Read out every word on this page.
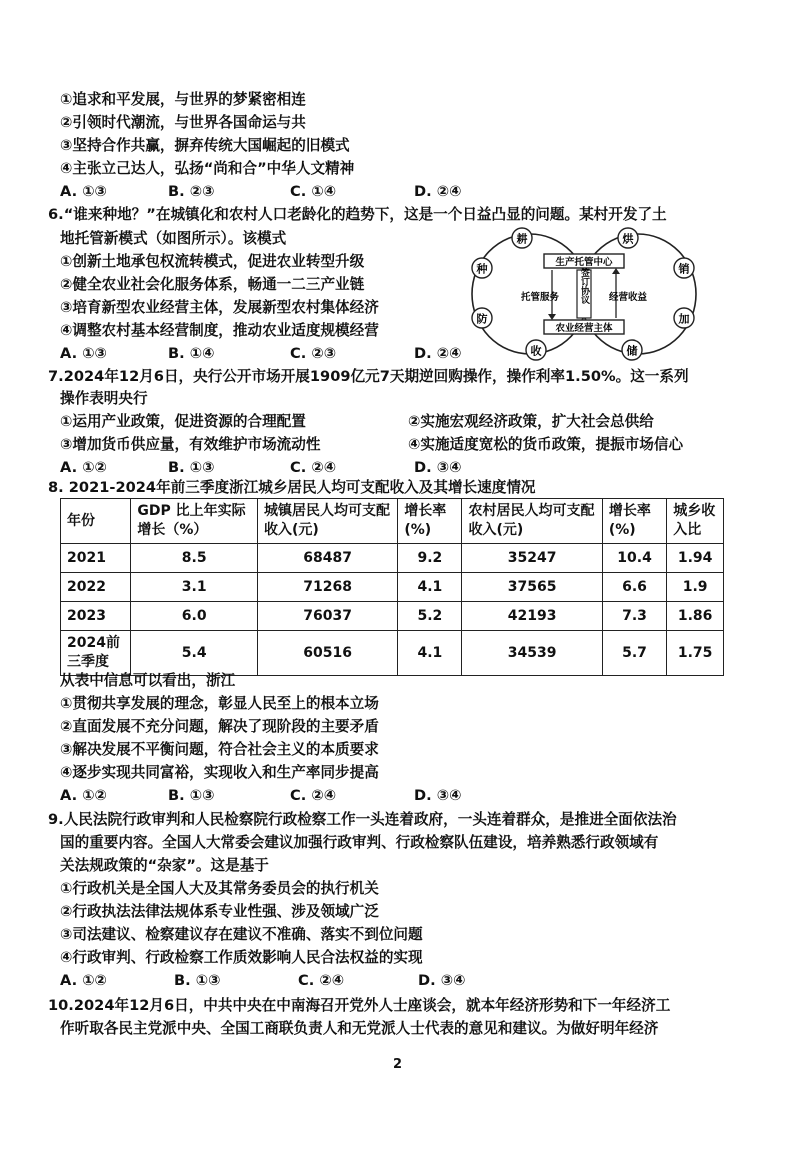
①追求和平发展，与世界的梦紧密相连
②引领时代潮流，与世界各国命运与共
③坚持合作共赢，摒弃传统大国崛起的旧模式
④主张立己达人，弘扬“尚和合”中华人文精神
A. ①③	B. ②③	C. ①④	D. ②④
6.“谁来种地？”在城镇化和农村人口老龄化的趋势下，这是一个日益凸显的问题。某村开发了土
地托管新模式（如图所示）。该模式
①创新土地承包权流转模式，促进农业转型升级
②健全农业社会化服务体系，畅通一二三产业链
③培育新型农业经营主体，发展新型农村集体经济
④调整农村基本经营制度，推动农业适度规模经营
A. ①③	B. ①④	C. ②③	D. ②④
耕
种
防
收
烘
销
加
储
生产托管中心
农业经营主体
签订协议
托管服务	经营收益
7.2024年12月6日，央行公开市场开展1909亿元7天期逆回购操作，操作利率1.50%。这一系列
操作表明央行
①运用产业政策，促进资源的合理配置	②实施宏观经济政策，扩大社会总供给
③增加货币供应量，有效维护市场流动性	④实施适度宽松的货币政策，提振市场信心
A. ①②	B. ①③	C. ②④	D. ③④
8. 2021-2024年前三季度浙江城乡居民人均可支配收入及其增长速度情况
年份	GDP 比上年实际增长（%）	城镇居民人均可支配收入(元)	增长率(%)	农村居民人均可支配收入(元)	增长率(%)	城乡收入比
2021	8.5	68487	9.2	35247	10.4	1.94
2022	3.1	71268	4.1	37565	6.6	1.9
2023	6.0	76037	5.2	42193	7.3	1.86
2024前三季度	5.4	60516	4.1	34539	5.7	1.75
从表中信息可以看出，浙江
①贯彻共享发展的理念，彰显人民至上的根本立场
②直面发展不充分问题，解决了现阶段的主要矛盾
③解决发展不平衡问题，符合社会主义的本质要求
④逐步实现共同富裕，实现收入和生产率同步提高
A. ①②	B. ①③	C. ②④	D. ③④
9.人民法院行政审判和人民检察院行政检察工作一头连着政府，一头连着群众，是推进全面依法治
国的重要内容。全国人大常委会建议加强行政审判、行政检察队伍建设，培养熟悉行政领域有
关法规政策的“杂家”。这是基于
①行政机关是全国人大及其常务委员会的执行机关
②行政执法法律法规体系专业性强、涉及领域广泛
③司法建议、检察建议存在建议不准确、落实不到位问题
④行政审判、行政检察工作质效影响人民合法权益的实现
A. ①②	B. ①③	C. ②④	D. ③④
10.2024年12月6日，中共中央在中南海召开党外人士座谈会，就本年经济形势和下一年经济工
作听取各民主党派中央、全国工商联负责人和无党派人士代表的意见和建议。为做好明年经济
2
